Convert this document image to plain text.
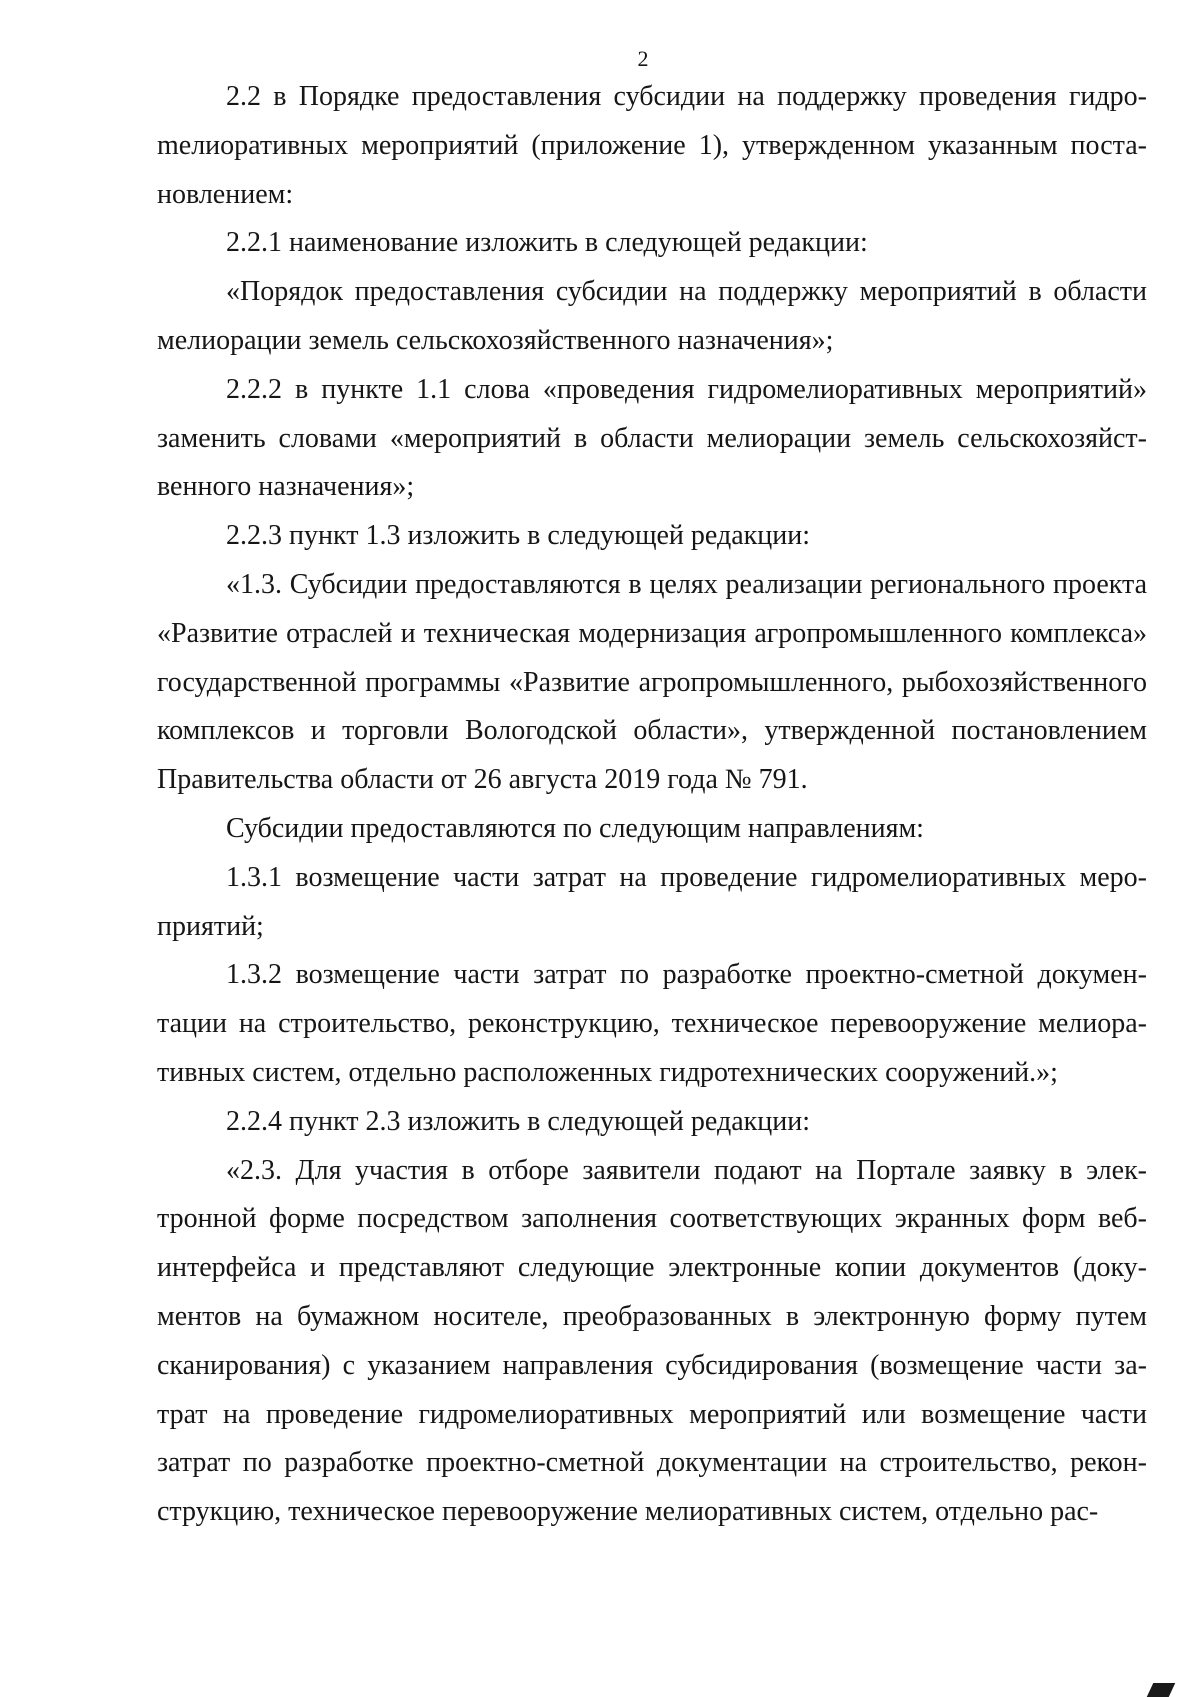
2

2.2 в Порядке предоставления субсидии на поддержку проведения гидроmелиоративных мероприятий (приложение 1), утвержденном указанным постановлением:

2.2.1 наименование изложить в следующей редакции:

«Порядок предоставления субсидии на поддержку мероприятий в области мелиорации земель сельскохозяйственного назначения»;

2.2.2 в пункте 1.1 слова «проведения гидромелиоративных мероприятий» заменить словами «мероприятий в области мелиорации земель сельскохозяйственного назначения»;

2.2.3 пункт 1.3 изложить в следующей редакции:

«1.3. Субсидии предоставляются в целях реализации регионального проекта «Развитие отраслей и техническая модернизация агропромышленного комплекса» государственной программы «Развитие агропромышленного, рыбохозяйственного комплексов и торговли Вологодской области», утвержденной постановлением Правительства области от 26 августа 2019 года № 791.

Субсидии предоставляются по следующим направлениям:

1.3.1 возмещение части затрат на проведение гидромелиоративных мероприятий;

1.3.2 возмещение части затрат по разработке проектно-сметной документации на строительство, реконструкцию, техническое перевооружение мелиоративных систем, отдельно расположенных гидротехнических сооружений.»;

2.2.4 пункт 2.3 изложить в следующей редакции:

«2.3. Для участия в отборе заявители подают на Портале заявку в электронной форме посредством заполнения соответствующих экранных форм веб-интерфейса и представляют следующие электронные копии документов (документов на бумажном носителе, преобразованных в электронную форму путем сканирования) с указанием направления субсидирования (возмещение части затрат на проведение гидромелиоративных мероприятий или возмещение части затрат по разработке проектно-сметной документации на строительство, реконструкцию, техническое перевооружение мелиоративных систем, отдельно рас-
